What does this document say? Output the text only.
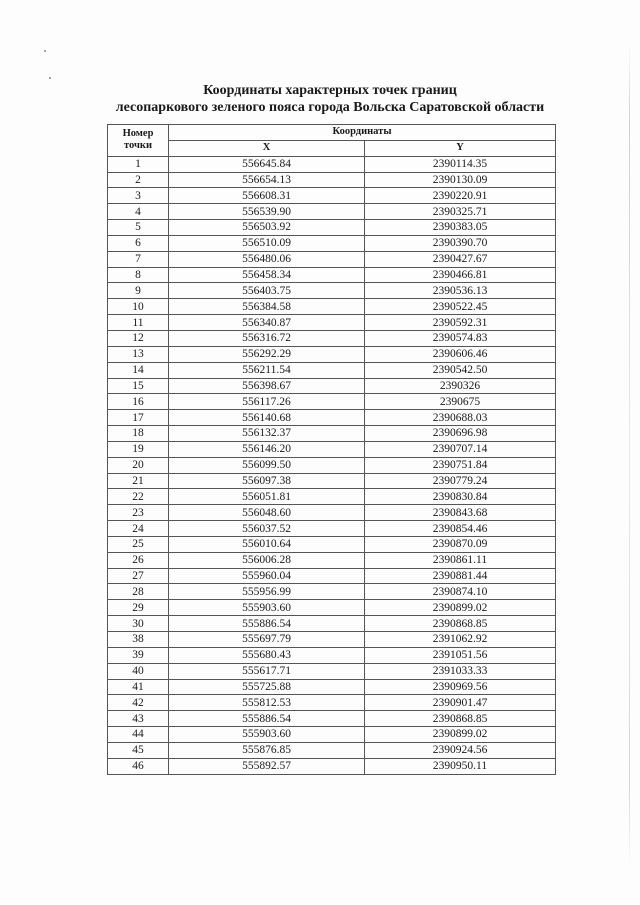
Координаты характерных точек границ
лесопаркового зеленого пояса города Вольска Саратовской области
Номер
точки	Координаты	
	X	Y
1	556645.84	2390114.35
2	556654.13	2390130.09
3	556608.31	2390220.91
4	556539.90	2390325.71
5	556503.92	2390383.05
6	556510.09	2390390.70
7	556480.06	2390427.67
8	556458.34	2390466.81
9	556403.75	2390536.13
10	556384.58	2390522.45
11	556340.87	2390592.31
12	556316.72	2390574.83
13	556292.29	2390606.46
14	556211.54	2390542.50
15	556398.67	2390326
16	556117.26	2390675
17	556140.68	2390688.03
18	556132.37	2390696.98
19	556146.20	2390707.14
20	556099.50	2390751.84
21	556097.38	2390779.24
22	556051.81	2390830.84
23	556048.60	2390843.68
24	556037.52	2390854.46
25	556010.64	2390870.09
26	556006.28	2390861.11
27	555960.04	2390881.44
28	555956.99	2390874.10
29	555903.60	2390899.02
30	555886.54	2390868.85
38	555697.79	2391062.92
39	555680.43	2391051.56
40	555617.71	2391033.33
41	555725.88	2390969.56
42	555812.53	2390901.47
43	555886.54	2390868.85
44	555903.60	2390899.02
45	555876.85	2390924.56
46	555892.57	2390950.11
